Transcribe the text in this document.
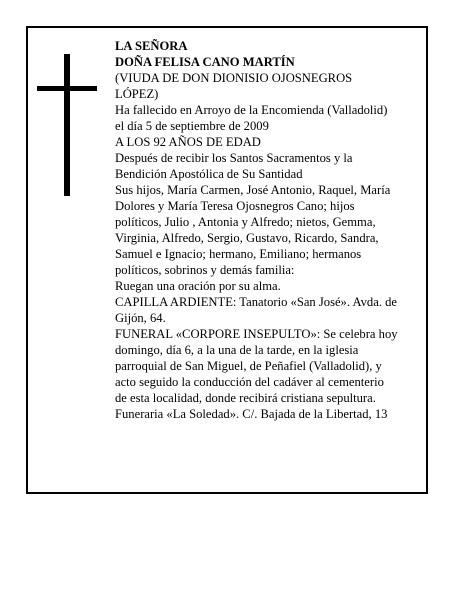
LA SEÑORA

DOÑA FELISA CANO MARTÍN

(VIUDA DE DON DIONISIO OJOSNEGROS

LÓPEZ)

Ha fallecido en Arroyo de la Encomienda (Valladolid)

el día 5 de septiembre de 2009

A LOS 92 AÑOS DE EDAD

Después de recibir los Santos Sacramentos y la

Bendición Apostólica de Su Santidad

Sus hijos, María Carmen, José Antonio, Raquel, María

Dolores y María Teresa Ojosnegros Cano; hijos

políticos, Julio , Antonia y Alfredo; nietos, Gemma,

Virginia, Alfredo, Sergio, Gustavo, Ricardo, Sandra,

Samuel e Ignacio; hermano, Emiliano; hermanos

políticos, sobrinos y demás familia:

Ruegan una oración por su alma.

CAPILLA ARDIENTE: Tanatorio «San José». Avda. de

Gijón, 64.

FUNERAL «CORPORE INSEPULTO»: Se celebra hoy

domingo, día 6, a la una de la tarde, en la iglesia

parroquial de San Miguel, de Peñafiel (Valladolid), y

acto seguido la conducción del cadáver al cementerio

de esta localidad, donde recibirá cristiana sepultura.

Funeraria «La Soledad». C/. Bajada de la Libertad, 13
